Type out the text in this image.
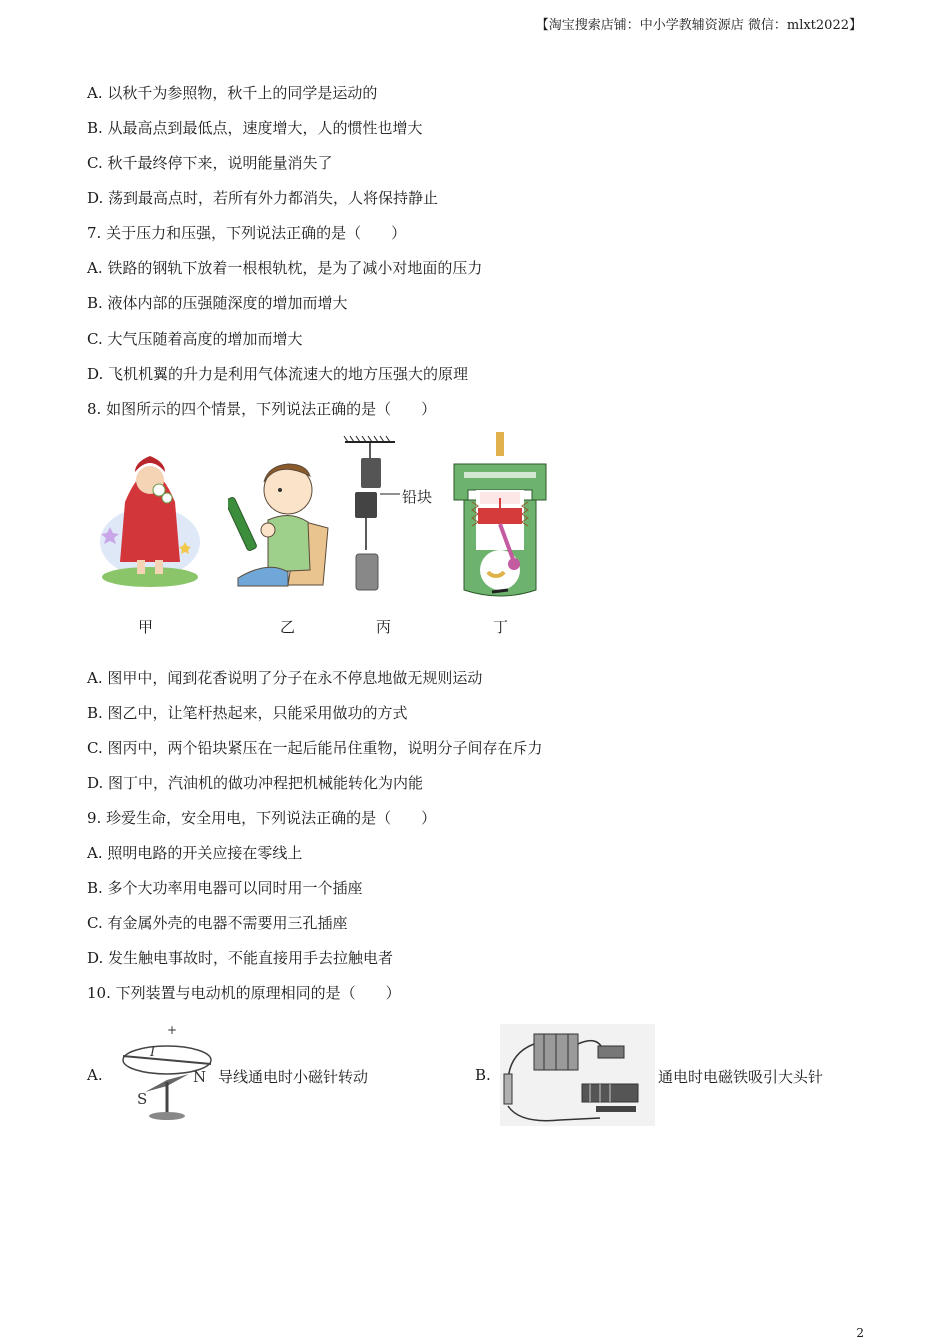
【淘宝搜索店铺：中小学教辅资源店 微信：mlxt2022】
A. 以秋千为参照物，秋千上的同学是运动的
B. 从最高点到最低点，速度增大，人的惯性也增大
C. 秋千最终停下来，说明能量消失了
D. 荡到最高点时，若所有外力都消失，人将保持静止
7. 关于压力和压强，下列说法正确的是（　　）
A. 铁路的钢轨下放着一根根轨枕，是为了减小对地面的压力
B. 液体内部的压强随深度的增加而增大
C. 大气压随着高度的增加而增大
D. 飞机机翼的升力是利用气体流速大的地方压强大的原理
8. 如图所示的四个情景，下列说法正确的是（　　）
铅块
甲	乙	丙	丁
A. 图甲中，闻到花香说明了分子在永不停息地做无规则运动
B. 图乙中，让笔杆热起来，只能采用做功的方式
C. 图丙中，两个铅块紧压在一起后能吊住重物，说明分子间存在斥力
D. 图丁中，汽油机的做功冲程把机械能转化为内能
9. 珍爱生命，安全用电，下列说法正确的是（　　）
A. 照明电路的开关应接在零线上
B. 多个大功率用电器可以同时用一个插座
C. 有金属外壳的电器不需要用三孔插座
D. 发生触电事故时，不能直接用手去拉触电者
10. 下列装置与电动机的原理相同的是（　　）
A.
I
+
N
S
导线通电时小磁针转动	B.	通电时电磁铁吸引大头针
2
